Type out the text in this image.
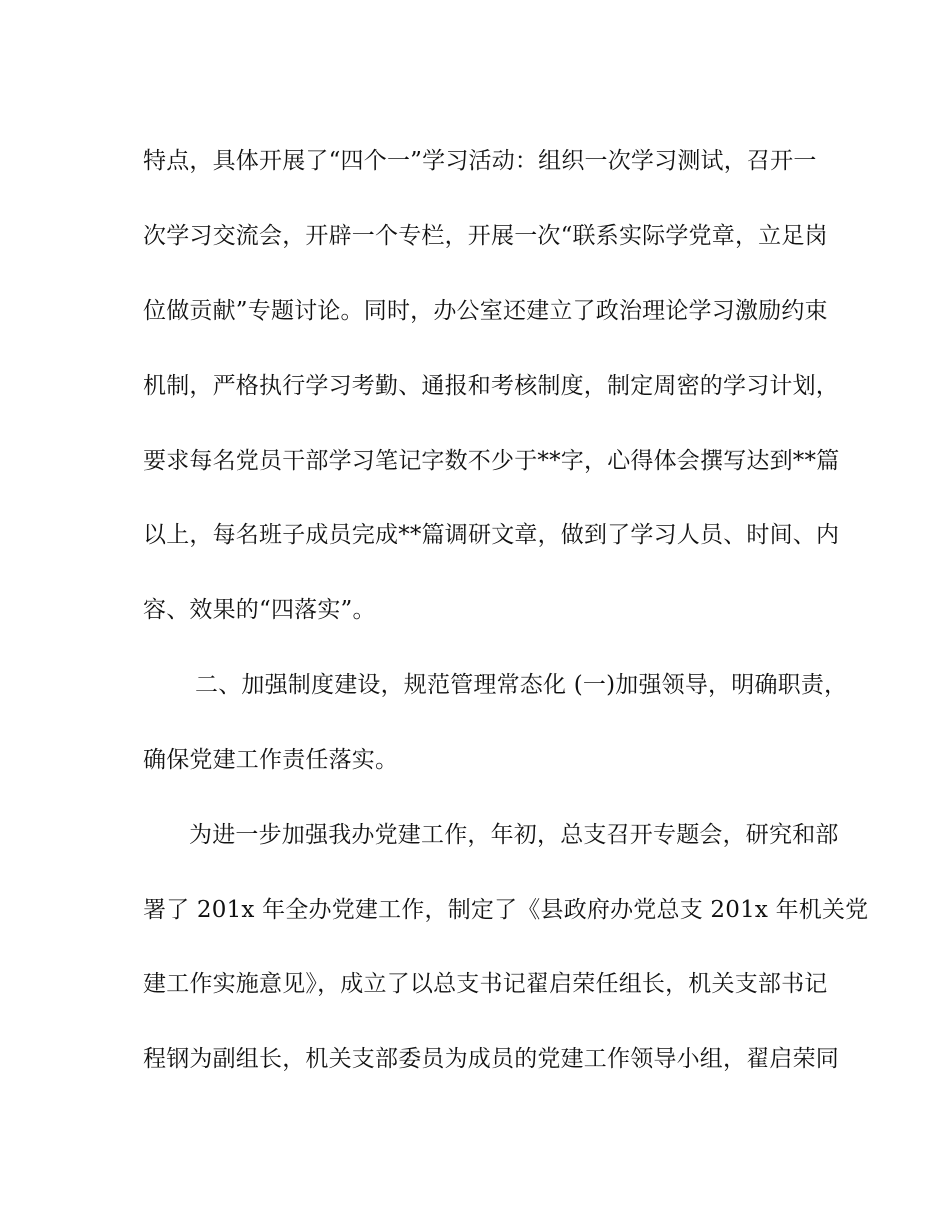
特点，具体开展了“四个一”学习活动：组织一次学习测试，召开一
次学习交流会，开辟一个专栏，开展一次“联系实际学党章，立足岗
位做贡献”专题讨论。同时，办公室还建立了政治理论学习激励约束
机制，严格执行学习考勤、通报和考核制度，制定周密的学习计划，
要求每名党员干部学习笔记字数不少于**字，心得体会撰写达到**篇
以上，每名班子成员完成**篇调研文章，做到了学习人员、时间、内
容、效果的“四落实”。
二、加强制度建设，规范管理常态化 (一)加强领导，明确职责，
确保党建工作责任落实。
为进一步加强我办党建工作，年初，总支召开专题会，研究和部
署了 201x 年全办党建工作，制定了《县政府办党总支 201x 年机关党
建工作实施意见》，成立了以总支书记翟启荣任组长，机关支部书记
程钢为副组长，机关支部委员为成员的党建工作领导小组，翟启荣同
